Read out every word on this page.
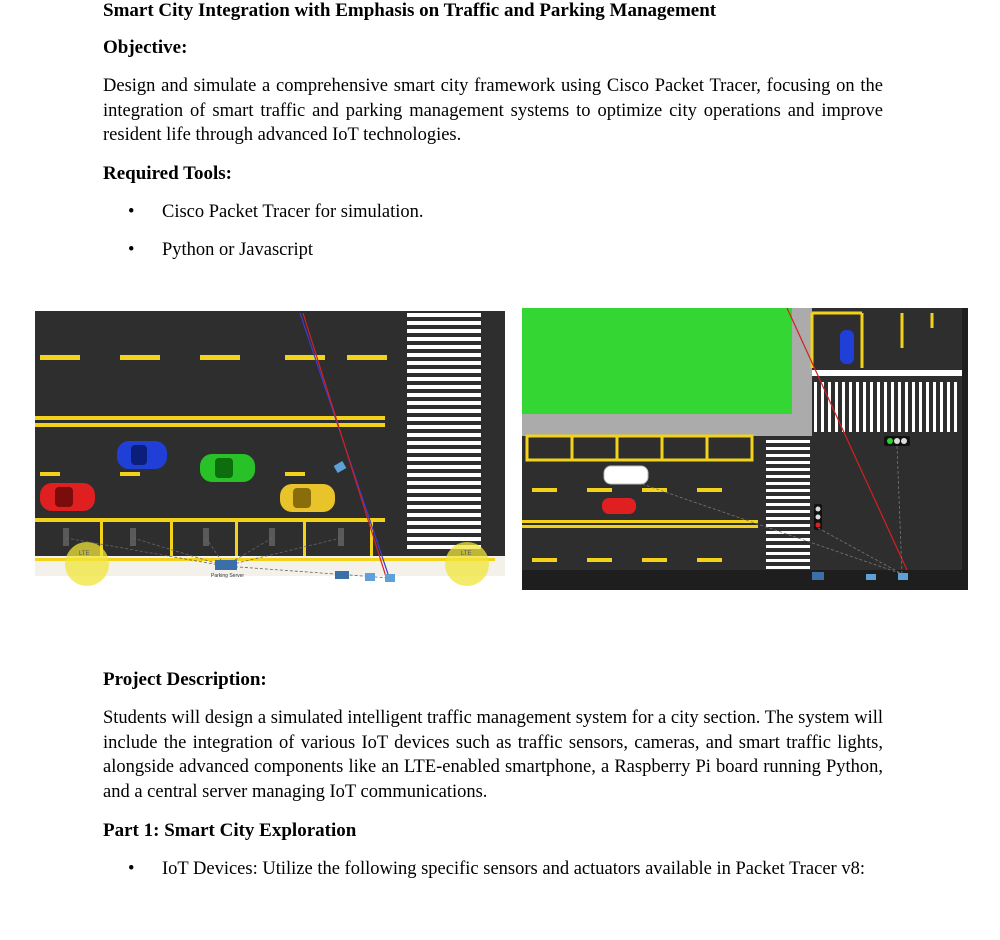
Smart City Integration with Emphasis on Traffic and Parking Management
Objective:

Design and simulate a comprehensive smart city framework using Cisco Packet Tracer, focusing on the integration of smart traffic and parking management systems to optimize city operations and improve resident life through advanced IoT technologies.

Required Tools:
• Cisco Packet Tracer for simulation.
• Python or Javascript
LTE	LTE
Parking Server
Project Description:

Students will design a simulated intelligent traffic management system for a city section. The system will include the integration of various IoT devices such as traffic sensors, cameras, and smart traffic lights, alongside advanced components like an LTE-enabled smartphone, a Raspberry Pi board running Python, and a central server managing IoT communications.

Part 1: Smart City Exploration
• IoT Devices: Utilize the following specific sensors and actuators available in Packet Tracer v8:
